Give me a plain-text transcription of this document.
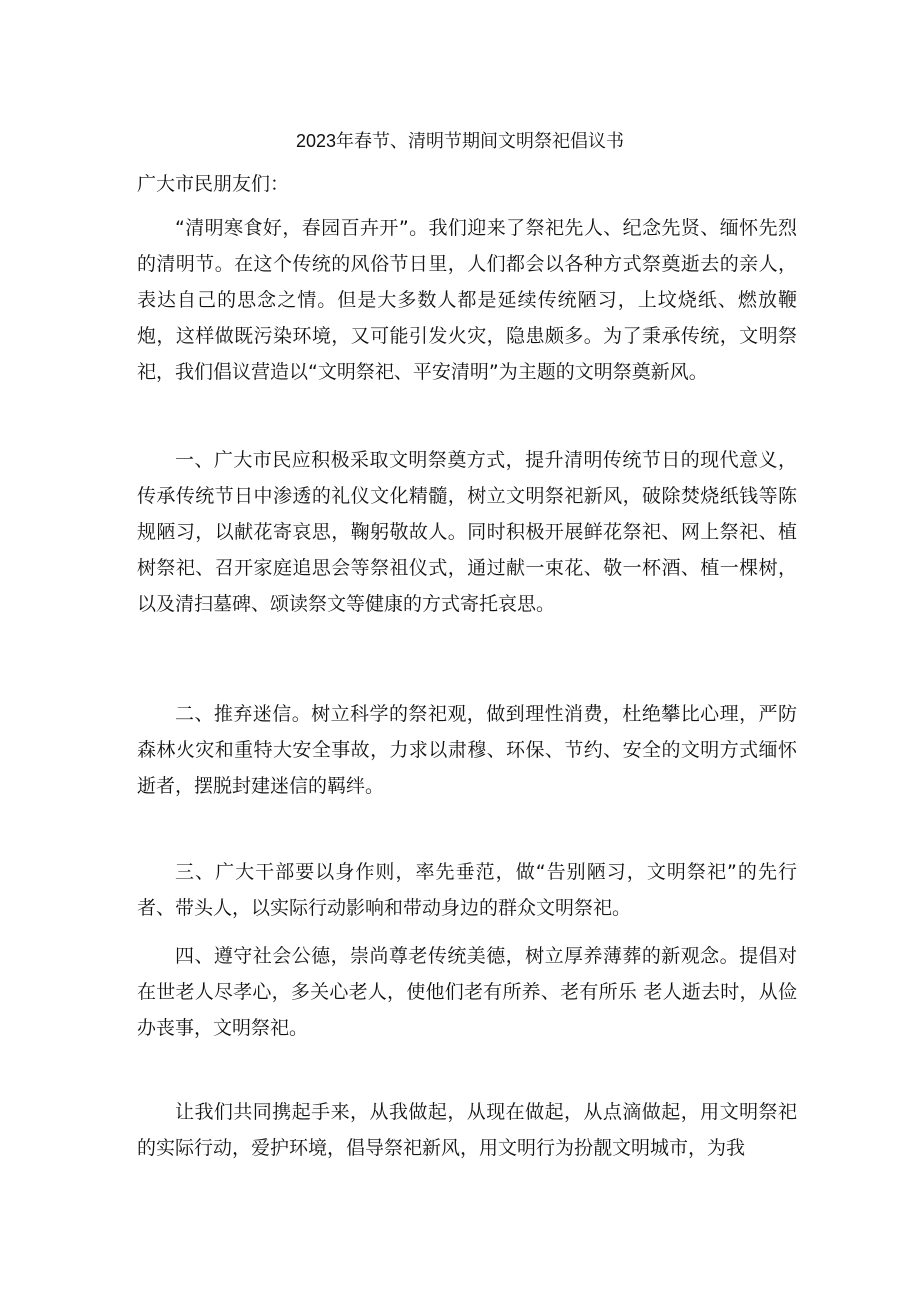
2023年春节、清明节期间文明祭祀倡议书
广大市民朋友们：

“清明寒食好，春园百卉开”。我们迎来了祭祀先人、纪念先贤、缅怀先烈的清明节。在这个传统的风俗节日里，人们都会以各种方式祭奠逝去的亲人，表达自己的思念之情。但是大多数人都是延续传统陋习，上坟烧纸、燃放鞭炮，这样做既污染环境，又可能引发火灾，隐患颇多。为了秉承传统，文明祭祀，我们倡议营造以“文明祭祀、平安清明”为主题的文明祭奠新风。

一、广大市民应积极采取文明祭奠方式，提升清明传统节日的现代意义，传承传统节日中渗透的礼仪文化精髓，树立文明祭祀新风，破除焚烧纸钱等陈规陋习，以献花寄哀思，鞠躬敬故人。同时积极开展鲜花祭祀、网上祭祀、植树祭祀、召开家庭追思会等祭祖仪式，通过献一束花、敬一杯酒、植一棵树，以及清扫墓碑、颂读祭文等健康的方式寄托哀思。

二、推弃迷信。树立科学的祭祀观，做到理性消费，杜绝攀比心理，严防森林火灾和重特大安全事故，力求以肃穆、环保、节约、安全的文明方式缅怀逝者，摆脱封建迷信的羁绊。

三、广大干部要以身作则，率先垂范，做“告别陋习，文明祭祀”的先行者、带头人，以实际行动影响和带动身边的群众文明祭祀。

四、遵守社会公德，崇尚尊老传统美德，树立厚养薄葬的新观念。提倡对在世老人尽孝心，多关心老人，使他们老有所养、老有所乐 老人逝去时，从俭办丧事，文明祭祀。

让我们共同携起手来，从我做起，从现在做起，从点滴做起，用文明祭祀的实际行动，爱护环境，倡导祭祀新风，用文明行为扮靓文明城市，为我
